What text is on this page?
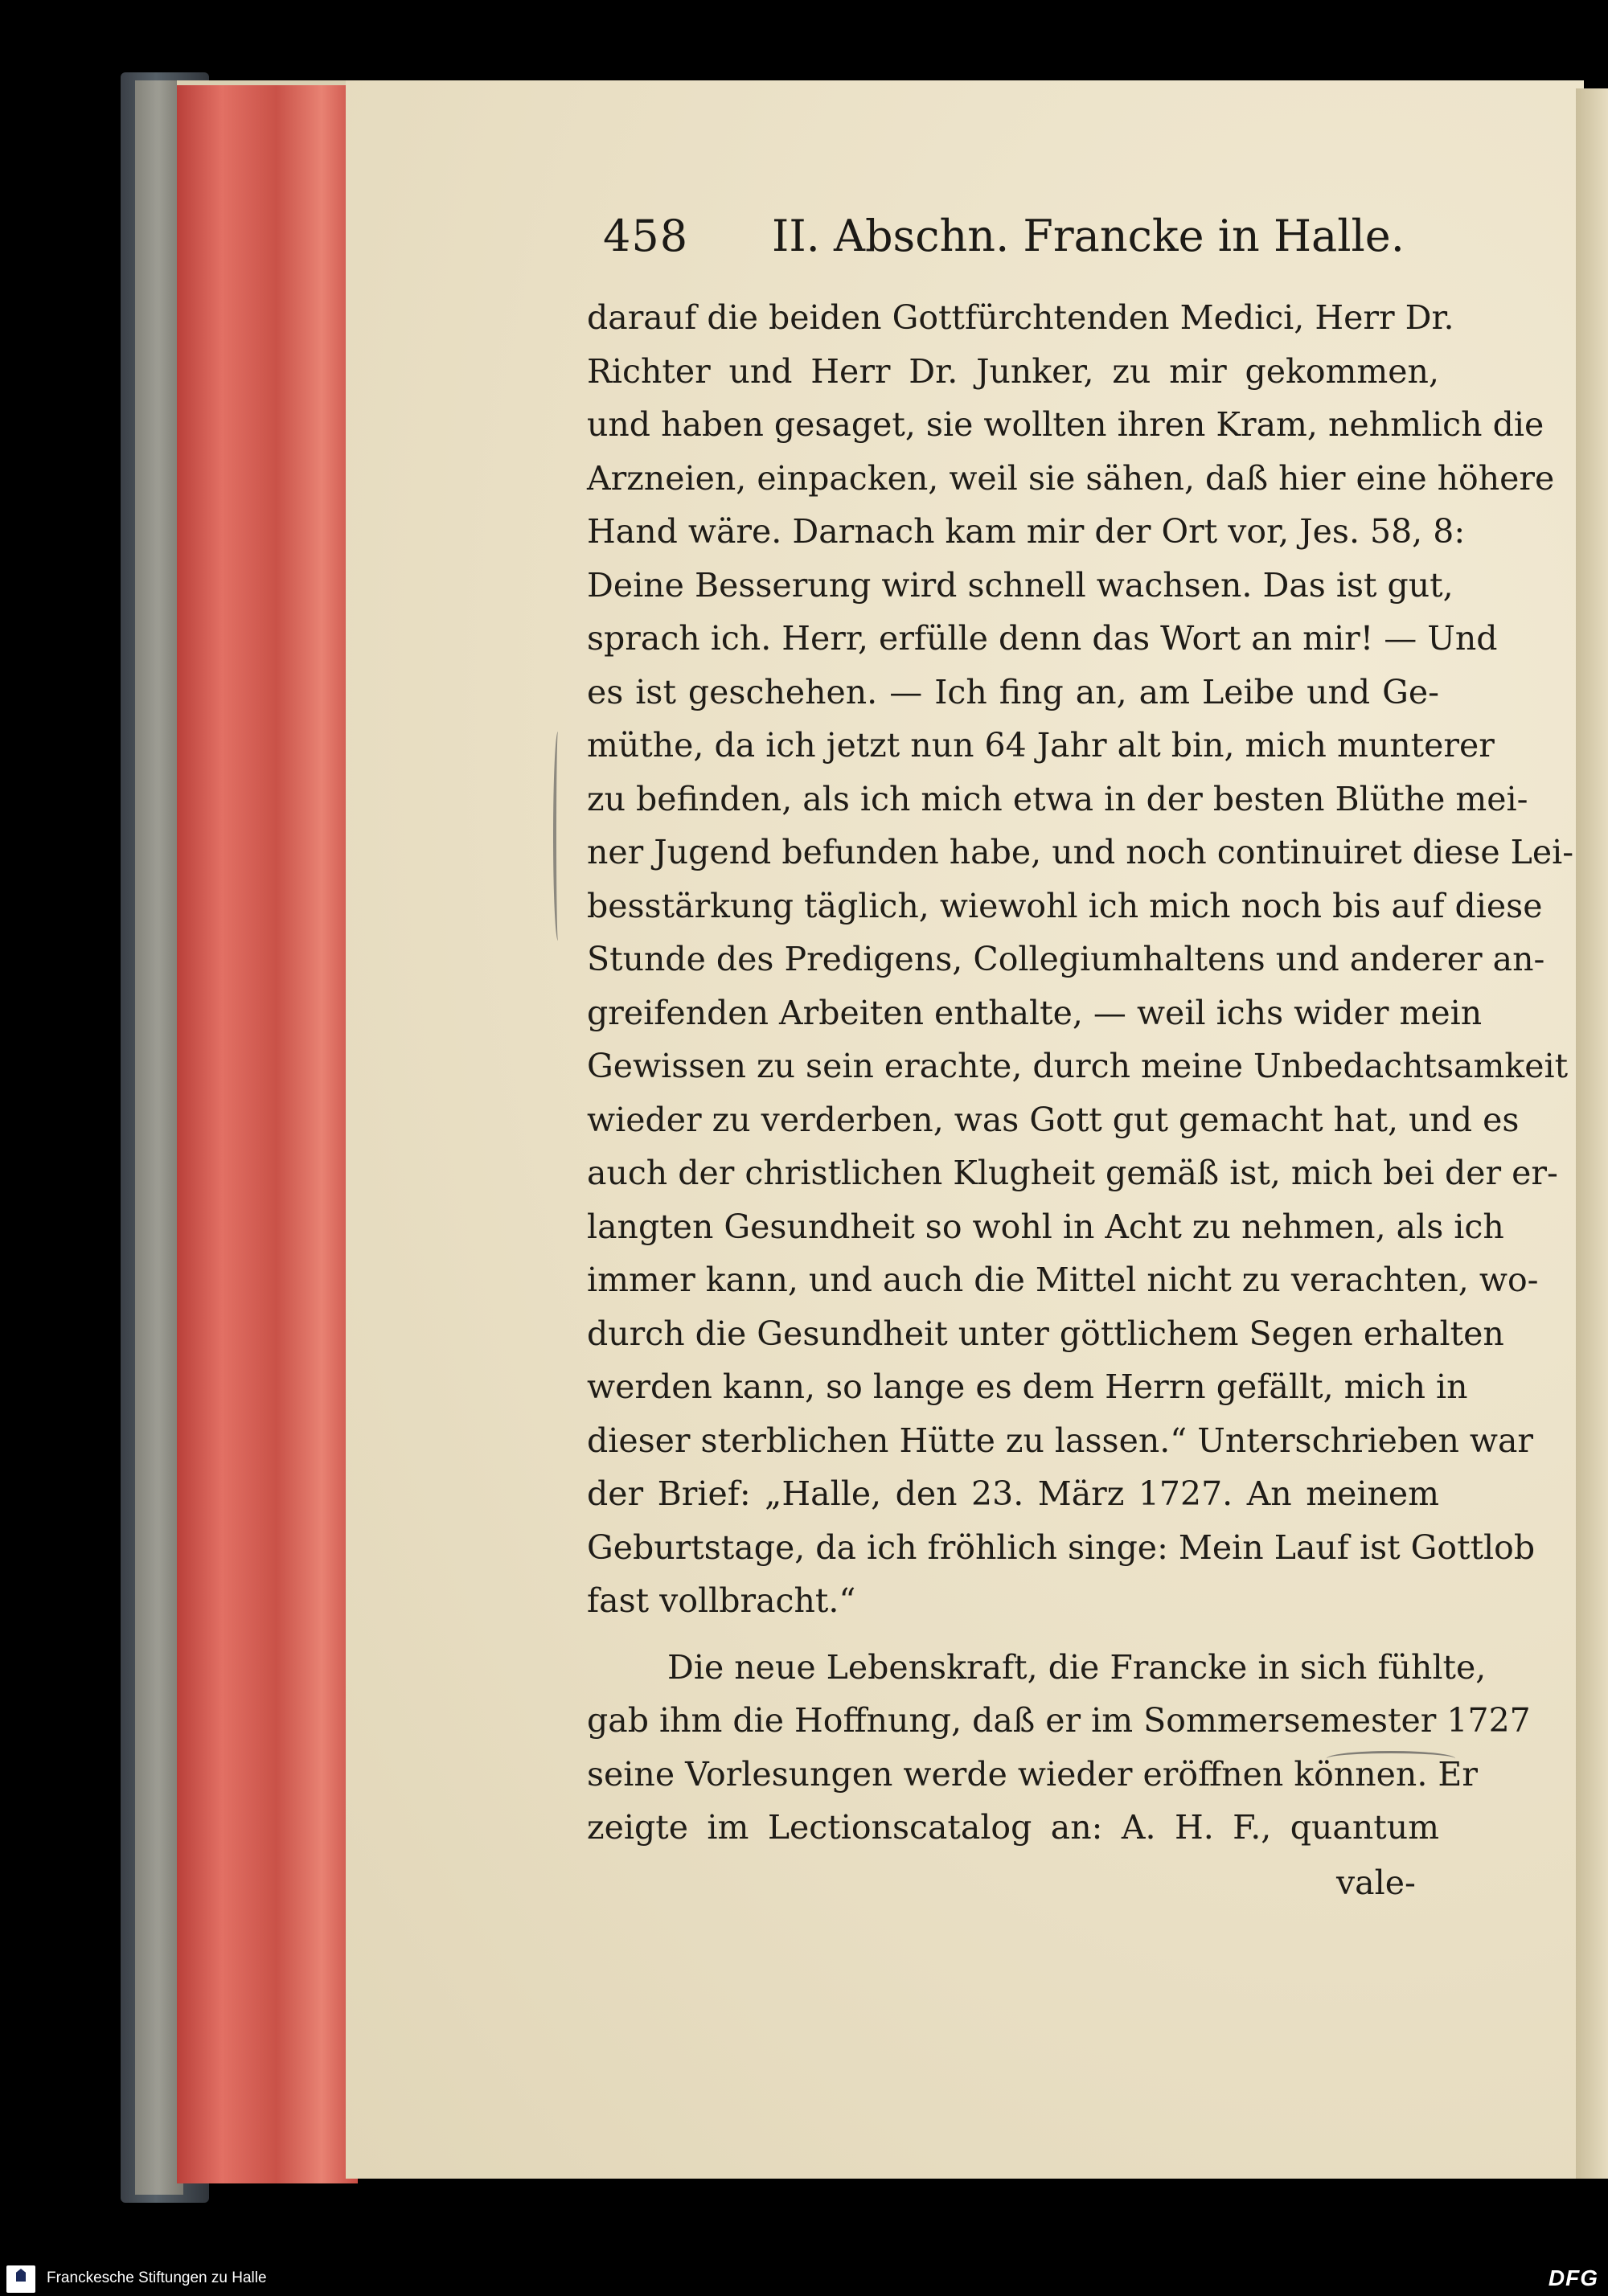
458 II. Abschn. Francke in Halle.
darauf die beiden Gottfürchtenden Medici, Herr Dr.
Richter und Herr Dr. Junker, zu mir gekommen,
und haben gesaget, sie wollten ihren Kram, nehmlich die
Arzneien, einpacken, weil sie sähen, daß hier eine höhere
Hand wäre. Darnach kam mir der Ort vor, Jes. 58, 8:
Deine Besserung wird schnell wachsen. Das ist gut,
sprach ich. Herr, erfülle denn das Wort an mir! — Und
es ist geschehen. — Ich fing an, am Leibe und Ge-
müthe, da ich jetzt nun 64 Jahr alt bin, mich munterer
zu befinden, als ich mich etwa in der besten Blüthe mei-
ner Jugend befunden habe, und noch continuiret diese Lei-
besstärkung täglich, wiewohl ich mich noch bis auf diese
Stunde des Predigens, Collegiumhaltens und anderer an-
greifenden Arbeiten enthalte, — weil ichs wider mein
Gewissen zu sein erachte, durch meine Unbedachtsamkeit
wieder zu verderben, was Gott gut gemacht hat, und es
auch der christlichen Klugheit gemäß ist, mich bei der er-
langten Gesundheit so wohl in Acht zu nehmen, als ich
immer kann, und auch die Mittel nicht zu verachten, wo-
durch die Gesundheit unter göttlichem Segen erhalten
werden kann, so lange es dem Herrn gefällt, mich in
dieser sterblichen Hütte zu lassen.“ Unterschrieben war
der Brief: „Halle, den 23. März 1727. An meinem
Geburtstage, da ich fröhlich singe: Mein Lauf ist Gottlob
fast vollbracht.“
Die neue Lebenskraft, die Francke in sich fühlte,
gab ihm die Hoffnung, daß er im Sommersemester 1727
seine Vorlesungen werde wieder eröffnen können. Er
zeigte im Lectionscatalog an: A. H. F., quantum
vale-
Franckesche Stiftungen zu Halle	DFG
